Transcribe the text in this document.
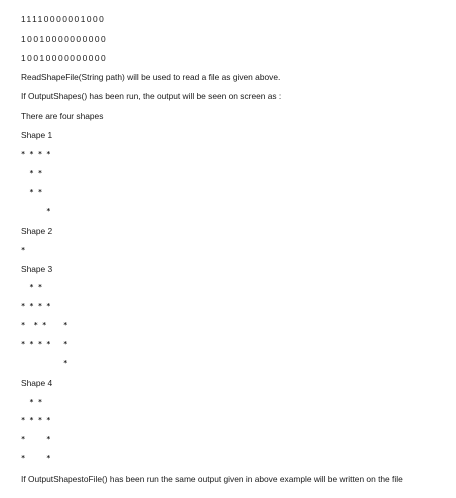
11110000001000

10010000000000

10010000000000

ReadShapeFile(String path) will be used to read a file as given above.

If OutputShapes() has been run, the output will be seen on screen as :

There are four shapes

Shape 1

* * * *

* *

* *

*

Shape 2

*

Shape 3

* *

* * * *

*  * *    *

* * * *   *

*

Shape 4

* *

* * * *

*     *

*     *

If OutputShapestoFile() has been run the same output given in above example will be written on the file
